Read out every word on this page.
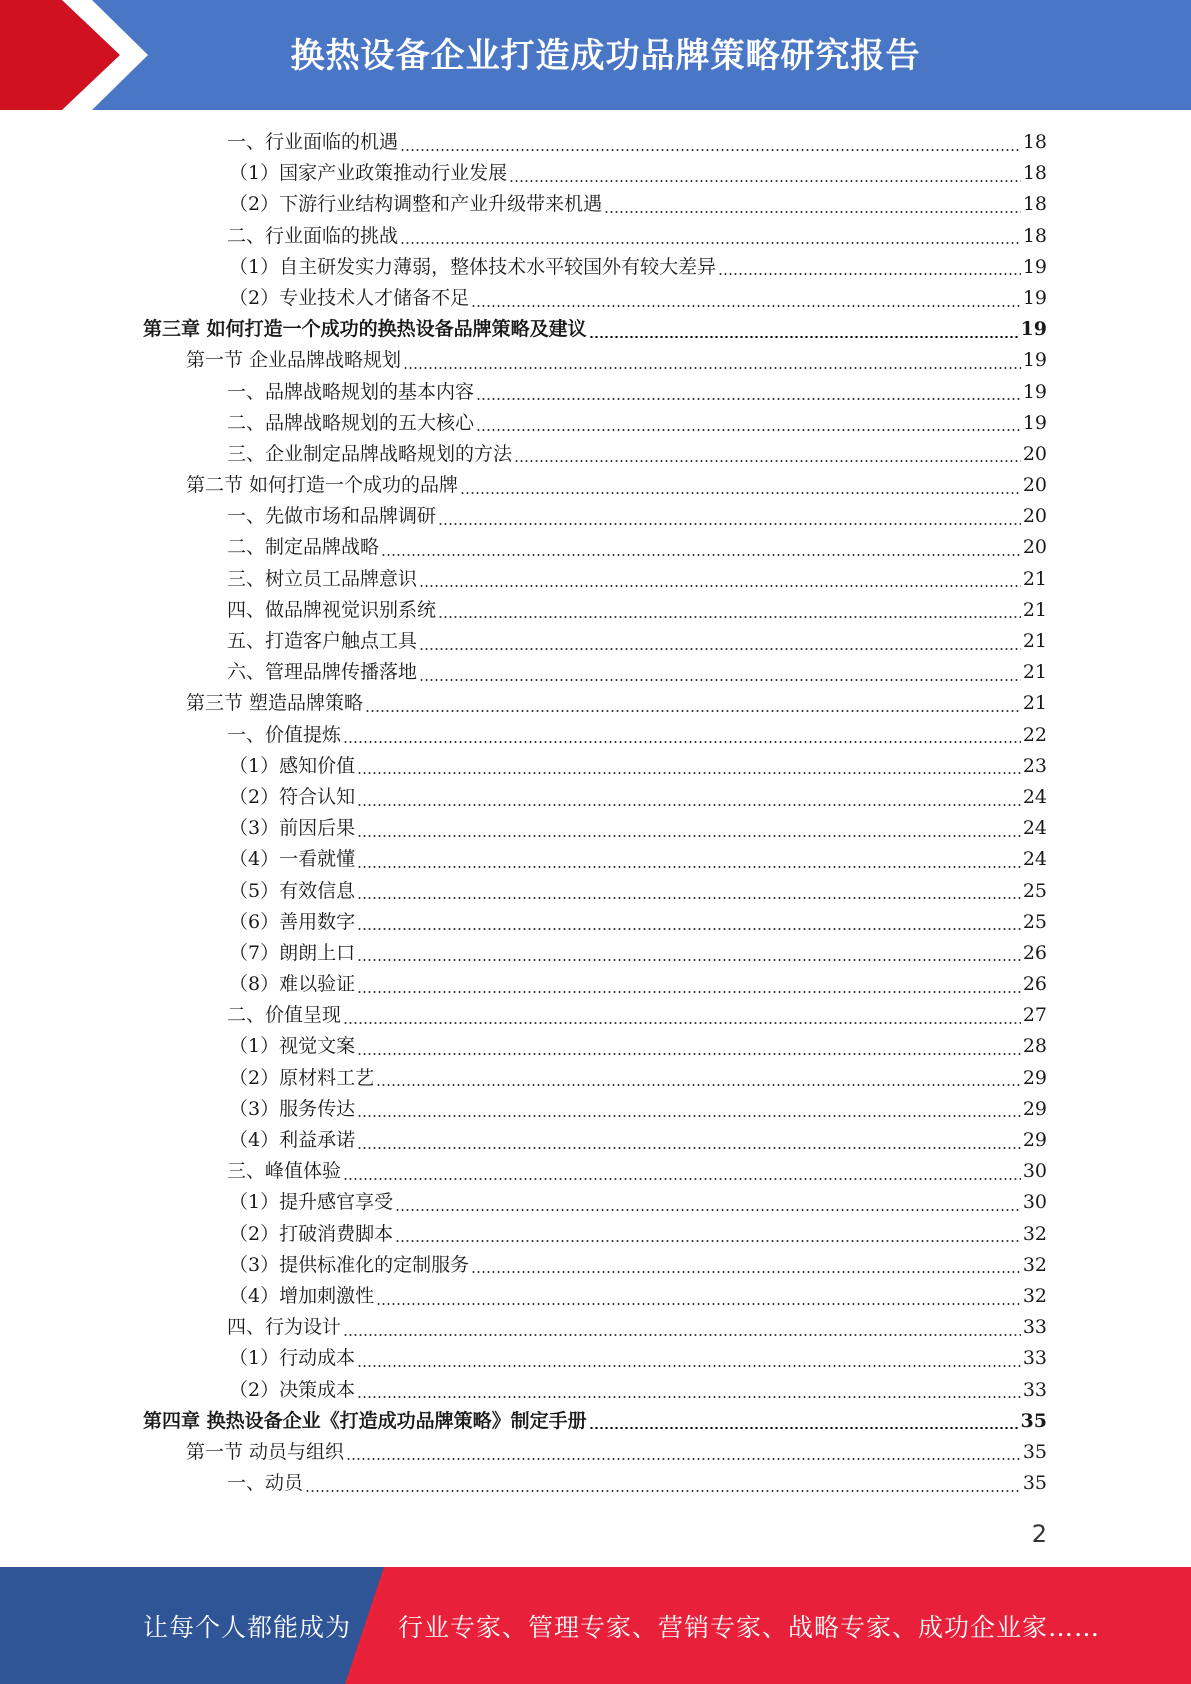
换热设备企业打造成功品牌策略研究报告
一、行业面临的机遇	18
（1）国家产业政策推动行业发展	18
（2）下游行业结构调整和产业升级带来机遇	18
二、行业面临的挑战	18
（1）自主研发实力薄弱，整体技术水平较国外有较大差异	19
（2）专业技术人才储备不足	19
第三章 如何打造一个成功的换热设备品牌策略及建议	19
第一节 企业品牌战略规划	19
一、品牌战略规划的基本内容	19
二、品牌战略规划的五大核心	19
三、企业制定品牌战略规划的方法	20
第二节 如何打造一个成功的品牌	20
一、先做市场和品牌调研	20
二、制定品牌战略	20
三、树立员工品牌意识	21
四、做品牌视觉识别系统	21
五、打造客户触点工具	21
六、管理品牌传播落地	21
第三节 塑造品牌策略	21
一、价值提炼	22
（1）感知价值	23
（2）符合认知	24
（3）前因后果	24
（4）一看就懂	24
（5）有效信息	25
（6）善用数字	25
（7）朗朗上口	26
（8）难以验证	26
二、价值呈现	27
（1）视觉文案	28
（2）原材料工艺	29
（3）服务传达	29
（4）利益承诺	29
三、峰值体验	30
（1）提升感官享受	30
（2）打破消费脚本	32
（3）提供标准化的定制服务	32
（4）增加刺激性	32
四、行为设计	33
（1）行动成本	33
（2）决策成本	33
第四章 换热设备企业《打造成功品牌策略》制定手册	35
第一节 动员与组织	35
一、动员	35
2
让每个人都能成为 行业专家、管理专家、营销专家、战略专家、成功企业家……
